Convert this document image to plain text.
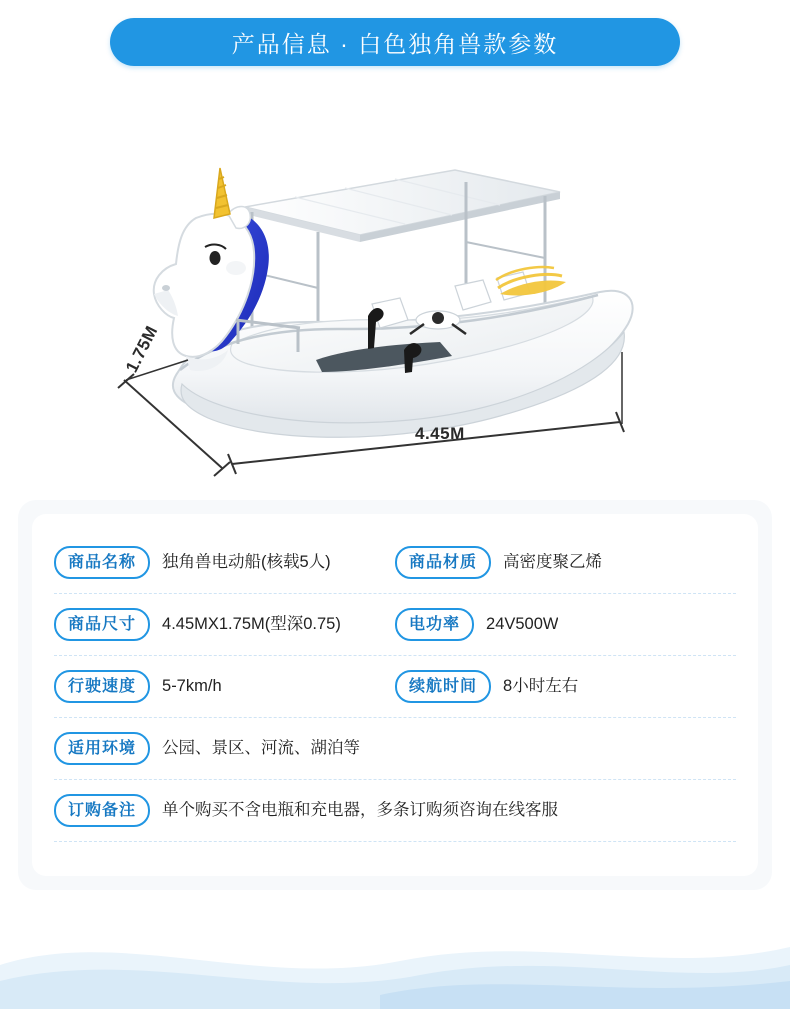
产品信息 · 白色独角兽款参数
4.45M
1.75M
商品名称	独角兽电动船(核载5人)	商品材质	高密度聚乙烯
商品尺寸	4.45MX1.75M(型深0.75)	电功率	24V500W
行驶速度	5-7km/h	续航时间	8小时左右
适用环境	公园、景区、河流、湖泊等
订购备注	单个购买不含电瓶和充电器，多条订购须咨询在线客服
